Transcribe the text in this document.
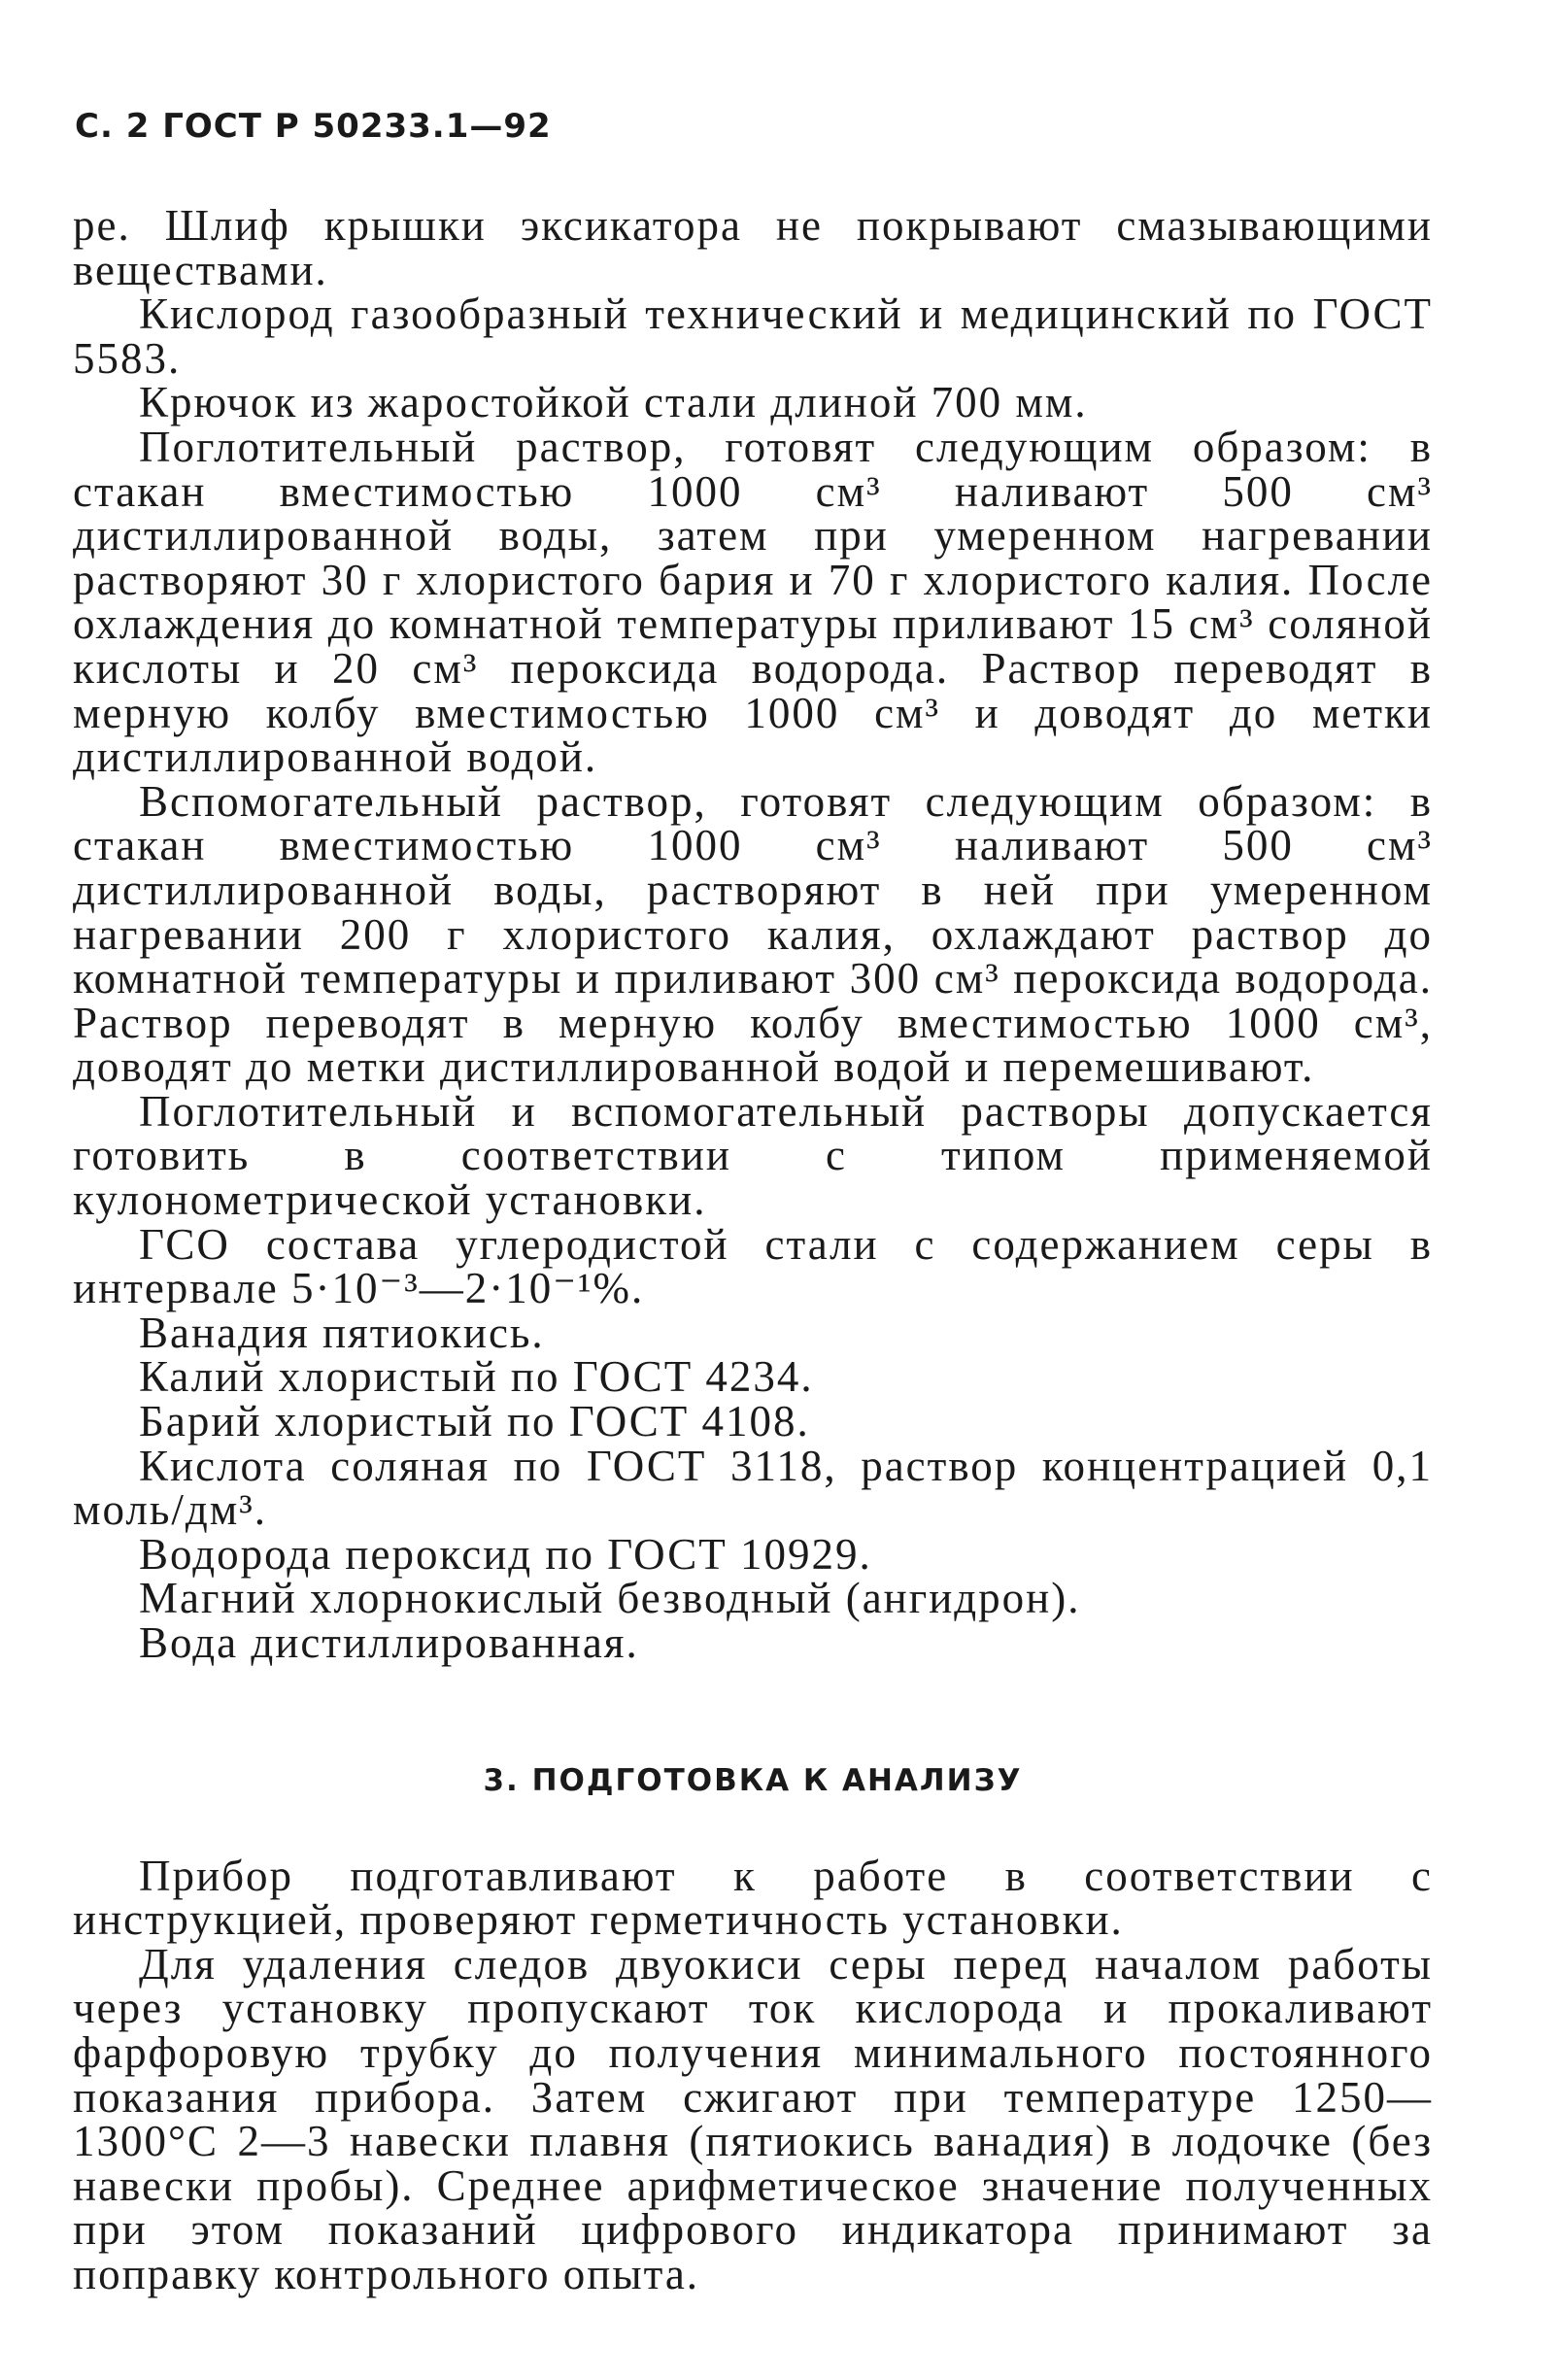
С. 2 ГОСТ Р 50233.1—92

ре. Шлиф крышки эксикатора не покрывают смазывающими веществами.

Кислород газообразный технический и медицинский по ГОСТ 5583.

Крючок из жаростойкой стали длиной 700 мм.

Поглотительный раствор, готовят следующим образом: в стакан вместимостью 1000 см³ наливают 500 см³ дистиллированной воды, затем при умеренном нагревании растворяют 30 г хлористого бария и 70 г хлористого калия. После охлаждения до комнатной температуры приливают 15 см³ соляной кислоты и 20 см³ пероксида водорода. Раствор переводят в мерную колбу вместимостью 1000 см³ и доводят до метки дистиллированной водой.

Вспомогательный раствор, готовят следующим образом: в стакан вместимостью 1000 см³ наливают 500 см³ дистиллированной воды, растворяют в ней при умеренном нагревании 200 г хлористого калия, охлаждают раствор до комнатной температуры и приливают 300 см³ пероксида водорода. Раствор переводят в мерную колбу вместимостью 1000 см³, доводят до метки дистиллированной водой и перемешивают.

Поглотительный и вспомогательный растворы допускается готовить в соответствии с типом применяемой кулонометрической установки.

ГСО состава углеродистой стали с содержанием серы в интервале 5·10⁻³—2·10⁻¹%.

Ванадия пятиокись.

Калий хлористый по ГОСТ 4234.

Барий хлористый по ГОСТ 4108.

Кислота соляная по ГОСТ 3118, раствор концентрацией 0,1 моль/дм³.

Водорода пероксид по ГОСТ 10929.

Магний хлорнокислый безводный (ангидрон).

Вода дистиллированная.

3. ПОДГОТОВКА К АНАЛИЗУ

Прибор подготавливают к работе в соответствии с инструкцией, проверяют герметичность установки.

Для удаления следов двуокиси серы перед началом работы через установку пропускают ток кислорода и прокаливают фарфоровую трубку до получения минимального постоянного показания прибора. Затем сжигают при температуре 1250—1300°С 2—3 навески плавня (пятиокись ванадия) в лодочке (без навески пробы). Среднее арифметическое значение полученных при этом показаний цифрового индикатора принимают за поправку контрольного опыта.
